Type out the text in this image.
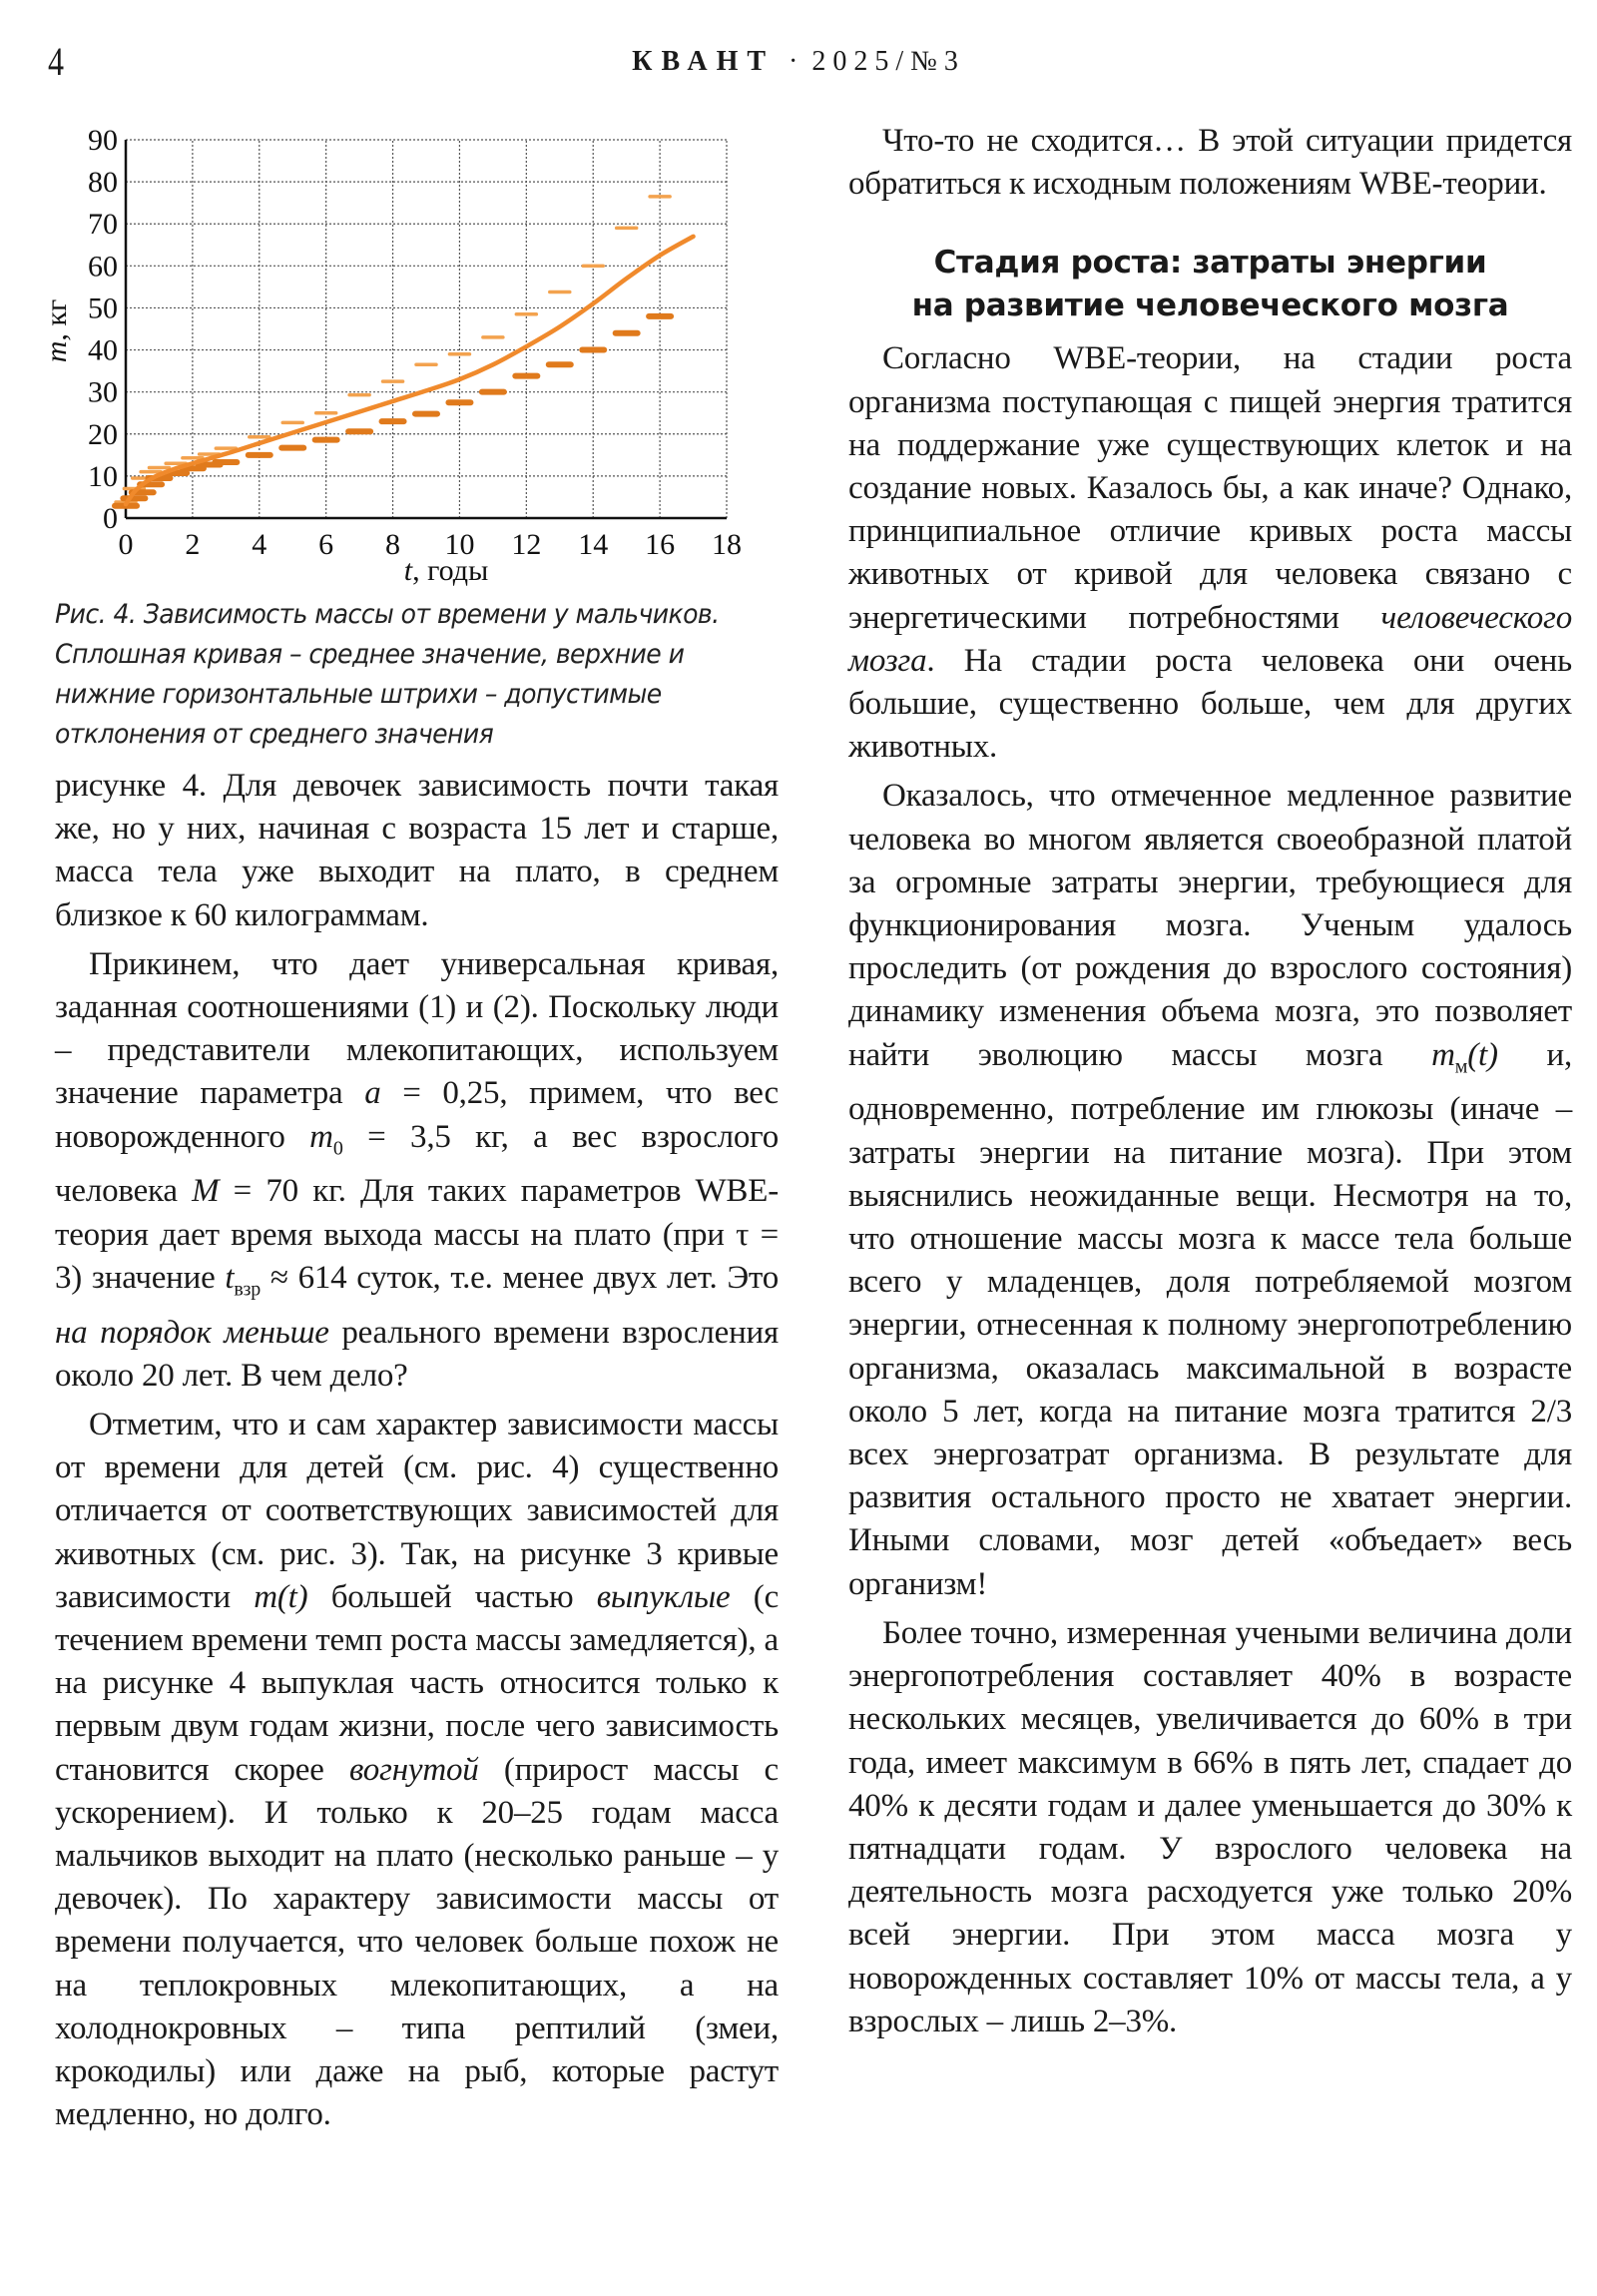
4	КВАНТ · 2025/№3
0
10
20
30
40
50
60
70
80
90
0 2 4 6 8 10 12 14 16 18
m, кг
t, годы
Рис. 4. Зависимость массы от времени у мальчиков. Сплошная кривая – среднее значение, верхние и нижние горизонтальные штрихи – допустимые отклонения от среднего значения

рисунке 4. Для девочек зависимость почти такая же, но у них, начиная с возраста 15 лет и старше, масса тела уже выходит на плато, в среднем близкое к 60 килограммам.

Прикинем, что дает универсальная кривая, заданная соотношениями (1) и (2). Поскольку люди – представители млекопитающих, используем значение параметра a = 0,25, примем, что вес новорожденного $m_0 = 3,5$ кг, а вес взрослого человека M = 70 кг. Для таких параметров WBE-теория дает время выхода массы на плато (при τ = 3) значение $t_{взр} \approx 614$ суток, т.е. менее двух лет. Это на порядок меньше реального времени взросления около 20 лет. В чем дело?

Отметим, что и сам характер зависимости массы от времени для детей (см. рис. 4) существенно отличается от соответствующих зависимостей для животных (см. рис. 3). Так, на рисунке 3 кривые зависимости m(t) большей частью выпуклые (с течением времени темп роста массы замедляется), а на рисунке 4 выпуклая часть относится только к первым двум годам жизни, после чего зависимость становится скорее вогнутой (прирост массы с ускорением). И только к 20–25 годам масса мальчиков выходит на плато (несколько раньше – у девочек). По характеру зависимости массы от времени получается, что человек больше похож не на теплокровных млекопитающих, а на холоднокровных – типа рептилий (змеи, крокодилы) или даже на рыб, которые растут медленно, но долго.

Что-то не сходится… В этой ситуации придется обратиться к исходным положениям WBE-теории.

Стадия роста: затраты энергии
на развитие человеческого мозга

Согласно WBE-теории, на стадии роста организма поступающая с пищей энергия тратится на поддержание уже существующих клеток и на создание новых. Казалось бы, а как иначе? Однако, принципиальное отличие кривых роста массы животных от кривой для человека связано с энергетическими потребностями человеческого мозга. На стадии роста человека они очень большие, существенно больше, чем для других животных.

Оказалось, что отмеченное медленное развитие человека во многом является своеобразной платой за огромные затраты энергии, требующиеся для функционирования мозга. Ученым удалось проследить (от рождения до взрослого состояния) динамику изменения объема мозга, это позволяет найти эволюцию массы мозга $m_м(t)$ и, одновременно, потребление им глюкозы (иначе – затраты энергии на питание мозга). При этом выяснились неожиданные вещи. Несмотря на то, что отношение массы мозга к массе тела больше всего у младенцев, доля потребляемой мозгом энергии, отнесенная к полному энергопотреблению организма, оказалась максимальной в возрасте около 5 лет, когда на питание мозга тратится 2/3 всех энергозатрат организма. В результате для развития остального просто не хватает энергии. Иными словами, мозг детей «объедает» весь организм!

Более точно, измеренная учеными величина доли энергопотребления составляет 40% в возрасте нескольких месяцев, увеличивается до 60% в три года, имеет максимум в 66% в пять лет, спадает до 40% к десяти годам и далее уменьшается до 30% к пятнадцати годам. У взрослого человека на деятельность мозга расходуется уже только 20% всей энергии. При этом масса мозга у новорожденных составляет 10% от массы тела, а у взрослых – лишь 2–3%.
